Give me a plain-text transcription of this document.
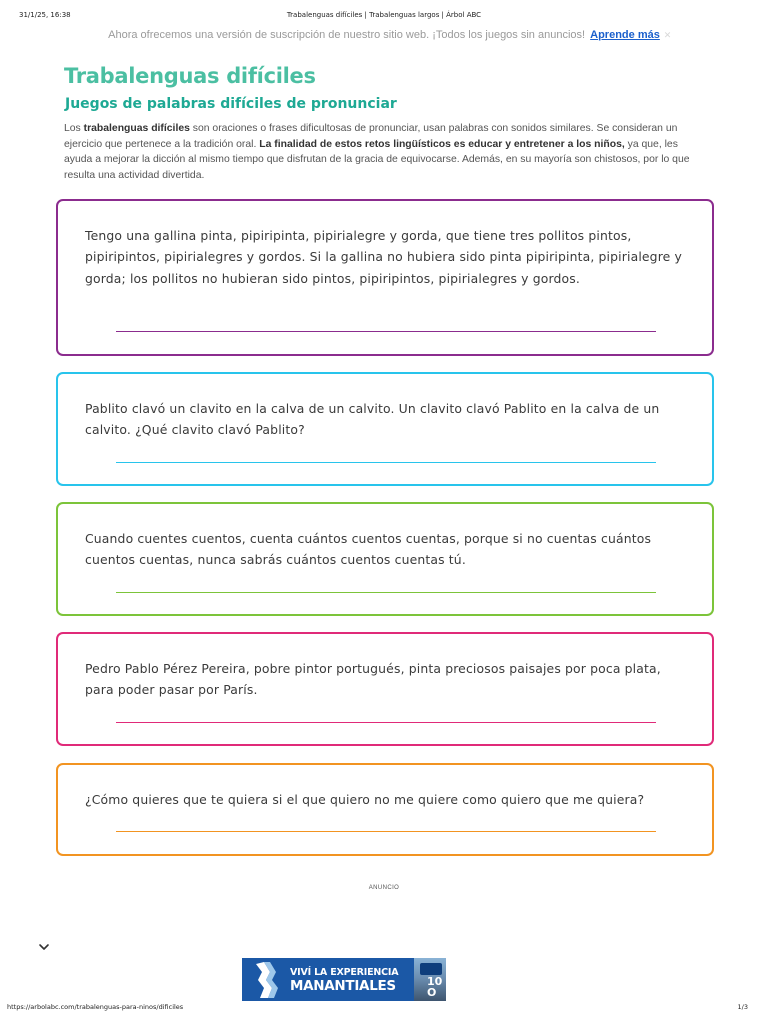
31/1/25, 16:38	Trabalenguas difíciles | Trabalenguas largos | Árbol ABC
Ahora ofrecemos una versión de suscripción de nuestro sitio web. ¡Todos los juegos sin anuncios! Aprende más ✕
Trabalenguas difíciles
Juegos de palabras difíciles de pronunciar

Los trabalenguas difíciles son oraciones o frases dificultosas de pronunciar, usan palabras con sonidos similares. Se consideran un ejercicio que pertenece a la tradición oral. La finalidad de estos retos lingüísticos es educar y entretener a los niños, ya que, les ayuda a mejorar la dicción al mismo tiempo que disfrutan de la gracia de equivocarse. Además, en su mayoría son chistosos, por lo que resulta una actividad divertida.

Tengo una gallina pinta, pipiripinta, pipirialegre y gorda, que tiene tres pollitos pintos, pipiripintos, pipirialegres y gordos. Si la gallina no hubiera sido pinta pipiripinta, pipirialegre y gorda; los pollitos no hubieran sido pintos, pipiripintos, pipirialegres y gordos.

Pablito clavó un clavito en la calva de un calvito. Un clavito clavó Pablito en la calva de un calvito. ¿Qué clavito clavó Pablito?

Cuando cuentes cuentos, cuenta cuántos cuentos cuentas, porque si no cuentas cuántos cuentos cuentas, nunca sabrás cuántos cuentos cuentas tú.

Pedro Pablo Pérez Pereira, pobre pintor portugués, pinta preciosos paisajes por poca plata, para poder pasar por París.

¿Cómo quieres que te quiera si el que quiero no me quiere como quiero que me quiera?

ANUNCIO
VIVÍ LA EXPERIENCIA
MANANTIALES	10
O
https://arbolabc.com/trabalenguas-para-ninos/dificiles	1/3
